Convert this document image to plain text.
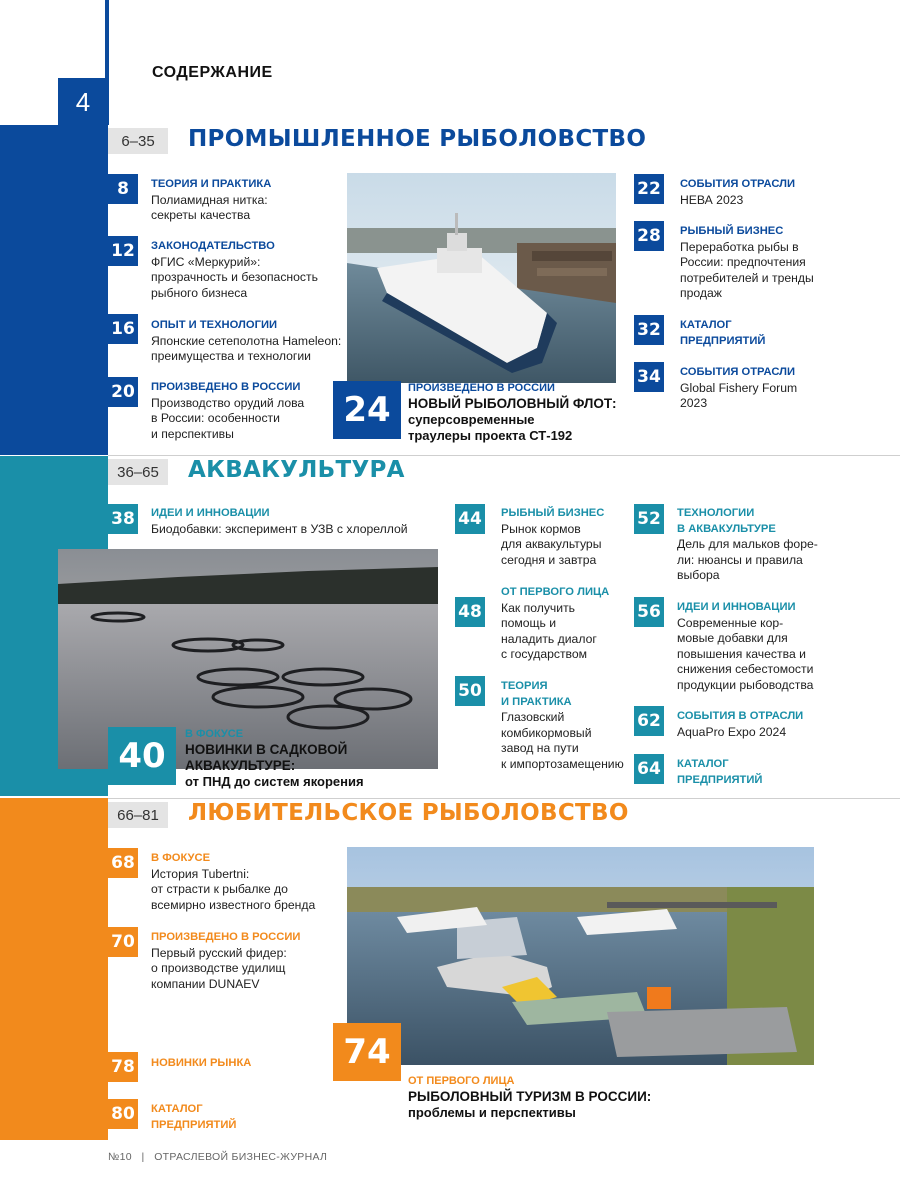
4
СОДЕРЖАНИЕ
6–35	ПРОМЫШЛЕННОЕ РЫБОЛОВСТВО
8	ТЕОРИЯ И ПРАКТИКА
Полиамидная нитка:
секреты качества
12 ЗАКОНОДАТЕЛЬСТВО
ФГИС «Меркурий»:
прозрачность и безопасность
рыбного бизнеса
16 ОПЫТ И ТЕХНОЛОГИИ
Японские сетеполотна Hameleon:
преимущества и технологии
20 ПРОИЗВЕДЕНО В РОССИИ
Производство орудий лова
в России: особенности
и перспективы
24
ПРОИЗВЕДЕНО В РОССИИ
НОВЫЙ РЫБОЛОВНЫЙ ФЛОТ:
суперсовременные
траулеры проекта СТ-192
22 СОБЫТИЯ ОТРАСЛИ
НЕВА 2023
28 РЫБНЫЙ БИЗНЕС
Переработка рыбы в
России: предпочтения
потребителей и тренды
продаж
32 КАТАЛОГ
ПРЕДПРИЯТИЙ
34 СОБЫТИЯ ОТРАСЛИ
Global Fishery Forum
2023
36–65	АКВАКУЛЬТУРА
38 ИДЕИ И ИННОВАЦИИ
Биодобавки: эксперимент в УЗВ с хлореллой
40
В ФОКУСЕ
НОВИНКИ В САДКОВОЙ
АКВАКУЛЬТУРЕ:
от ПНД до систем якорения
44 РЫБНЫЙ БИЗНЕС
Рынок кормов
для аквакультуры
сегодня и завтра
48
ОТ ПЕРВОГО ЛИЦА
Как получить
помощь и
наладить диалог
с государством
50 ТЕОРИЯ
И ПРАКТИКА
Глазовский
комбикормовый
завод на пути
к импортозамещению
52 ТЕХНОЛОГИИ
В АКВАКУЛЬТУРЕ
Дель для мальков форе-
ли: нюансы и правила
выбора
56 ИДЕИ И ИННОВАЦИИ
Современные кор-
мовые добавки для
повышения качества и
снижения себестомости
продукции рыбоводства
62 СОБЫТИЯ В ОТРАСЛИ
AquaPro Expo 2024
64 КАТАЛОГ
ПРЕДПРИЯТИЙ
66–81	ЛЮБИТЕЛЬСКОЕ РЫБОЛОВСТВО
68 В ФОКУСЕ
История Tubertni:
от страсти к рыбалке до
всемирно известного бренда
70 ПРОИЗВЕДЕНО В РОССИИ
Первый русский фидер:
о производстве удилищ
компании DUNAEV
78 НОВИНКИ РЫНКА
80 КАТАЛОГ
ПРЕДПРИЯТИЙ
74
ОТ ПЕРВОГО ЛИЦА
РЫБОЛОВНЫЙ ТУРИЗМ В РОССИИ:
проблемы и перспективы
№10 | ОТРАСЛЕВОЙ БИЗНЕС-ЖУРНАЛ
